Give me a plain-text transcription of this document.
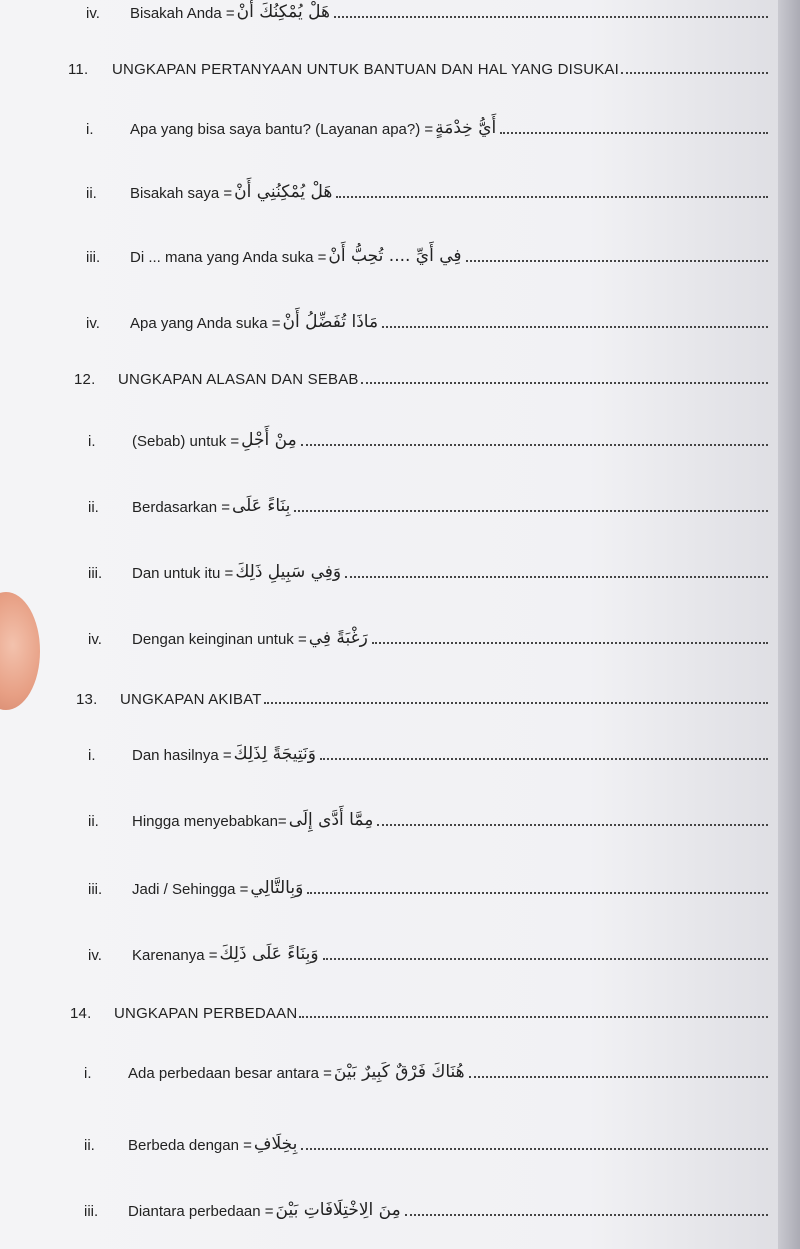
iv.	Bisakah Anda = هَلْ يُمْكِنُكَ أَنْ
11.	UNGKAPAN PERTANYAAN UNTUK BANTUAN DAN HAL YANG DISUKAI
i.	Apa yang bisa saya bantu? (Layanan apa?) = أَيُّ خِدْمَةٍ
ii.	Bisakah saya = هَلْ يُمْكِنُنِي أَنْ
iii.	Di ... mana yang Anda suka = فِي أَيِّ .... تُحِبُّ أَنْ
iv.	Apa yang Anda suka = مَاذَا تُفَضِّلُ أَنْ
12.	UNGKAPAN ALASAN DAN SEBAB
i.	(Sebab) untuk = مِنْ أَجْلِ
ii.	Berdasarkan = بِنَاءً عَلَى
iii.	Dan untuk itu = وَفِي سَبِيلِ ذَلِكَ
iv.	Dengan keinginan untuk = رَغْبَةً فِي
13.	UNGKAPAN AKIBAT
i.	Dan hasilnya = وَنَتِيجَةً لِذَلِكَ
ii.	Hingga menyebabkan= مِمَّا أَدَّى إِلَى
iii.	Jadi / Sehingga = وَبِالتَّالِي
iv.	Karenanya = وَبِنَاءً عَلَى ذَلِكَ
14.	UNGKAPAN PERBEDAAN
i.	Ada perbedaan besar antara = هُنَاكَ فَرْقٌ كَبِيرٌ بَيْنَ
ii.	Berbeda dengan = بِخِلَافِ
iii.	Diantara perbedaan = مِنَ الِاخْتِلَافَاتِ بَيْنَ
